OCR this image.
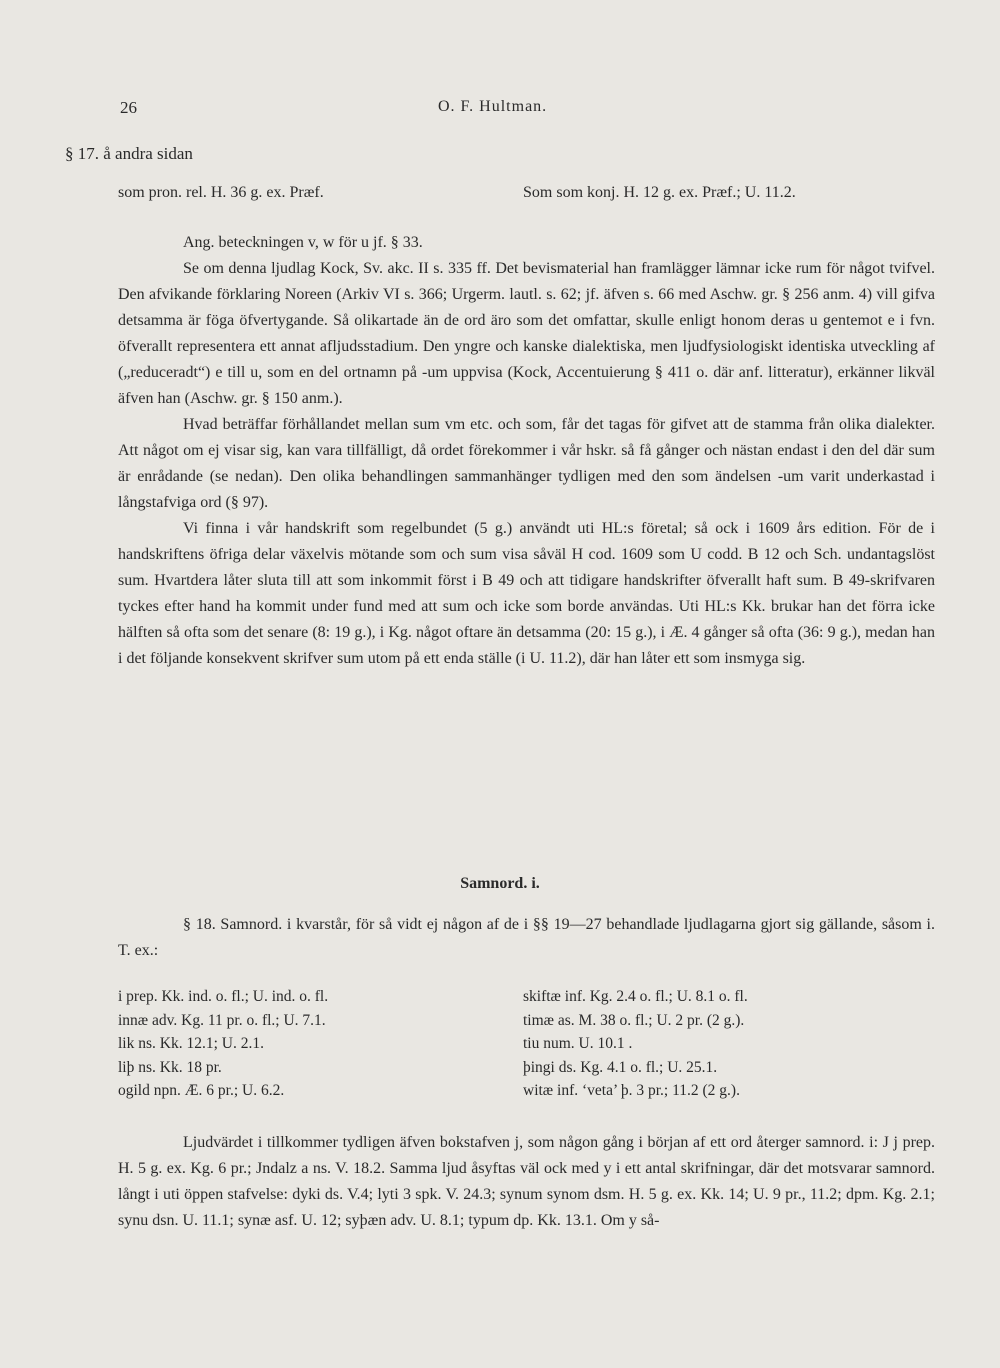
26	O. F. Hultman.
§ 17. å andra sidan
som pron. rel. H. 36 g. ex. Præf.	Som som konj. H. 12 g. ex. Præf.; U. 11.2.

Ang. beteckningen v, w för u jf. § 33.

Se om denna ljudlag Kock, Sv. akc. II s. 335 ff. Det bevismaterial han framlägger lämnar icke rum för något tvifvel. Den afvikande förklaring Noreen (Arkiv VI s. 366; Urgerm. lautl. s. 62; jf. äfven s. 66 med Aschw. gr. § 256 anm. 4) vill gifva detsamma är föga öfvertygande. Så olikartade än de ord äro som det omfattar, skulle enligt honom deras u gentemot e i fvn. öfverallt representera ett annat afljudsstadium. Den yngre och kanske dialektiska, men ljudfysiologiskt identiska utveckling af („reduceradt“) e till u, som en del ortnamn på -um uppvisa (Kock, Accentuierung § 411 o. där anf. litteratur), erkänner likväl äfven han (Aschw. gr. § 150 anm.).

Hvad beträffar förhållandet mellan sum vm etc. och som, får det tagas för gifvet att de stamma från olika dialekter. Att något om ej visar sig, kan vara tillfälligt, då ordet förekommer i vår hskr. så få gånger och nästan endast i den del där sum är enrådande (se nedan). Den olika behandlingen sammanhänger tydligen med den som ändelsen -um varit underkastad i långstafviga ord (§ 97).

Vi finna i vår handskrift som regelbundet (5 g.) användt uti HL:s företal; så ock i 1609 års edition. För de i handskriftens öfriga delar växelvis mötande som och sum visa såväl H cod. 1609 som U codd. B 12 och Sch. undantagslöst sum. Hvartdera låter sluta till att som inkommit först i B 49 och att tidigare handskrifter öfverallt haft sum. B 49-skrifvaren tyckes efter hand ha kommit under fund med att sum och icke som borde användas. Uti HL:s Kk. brukar han det förra icke hälften så ofta som det senare (8: 19 g.), i Kg. något oftare än detsamma (20: 15 g.), i Æ. 4 gånger så ofta (36: 9 g.), medan han i det följande konsekvent skrifver sum utom på ett enda ställe (i U. 11.2), där han låter ett som insmyga sig.

Samnord. i.

§ 18. Samnord. i kvarstår, för så vidt ej någon af de i §§ 19—27 behandlade ljudlagarna gjort sig gällande, såsom i. T. ex.:

i prep. Kk. ind. o. fl.; U. ind. o. fl.
innæ adv. Kg. 11 pr. o. fl.; U. 7.1.
lik ns. Kk. 12.1; U. 2.1.
liþ ns. Kk. 18 pr.
ogild npn. Æ. 6 pr.; U. 6.2.
skiftæ inf. Kg. 2.4 o. fl.; U. 8.1 o. fl.
timæ as. M. 38 o. fl.; U. 2 pr. (2 g.).
tiu num. U. 10.1 .
þingi ds. Kg. 4.1 o. fl.; U. 25.1.
witæ inf. ‘veta’ þ. 3 pr.; 11.2 (2 g.).

Ljudvärdet i tillkommer tydligen äfven bokstafven j, som någon gång i början af ett ord återger samnord. i: J j prep. H. 5 g. ex. Kg. 6 pr.; Jndalz a ns. V. 18.2. Samma ljud åsyftas väl ock med y i ett antal skrifningar, där det motsvarar samnord. långt i uti öppen stafvelse: dyki ds. V.4; lyti 3 spk. V. 24.3; synum synom dsm. H. 5 g. ex. Kk. 14; U. 9 pr., 11.2; dpm. Kg. 2.1; synu dsn. U. 11.1; synæ asf. U. 12; syþæn adv. U. 8.1; typum dp. Kk. 13.1. Om y så-
